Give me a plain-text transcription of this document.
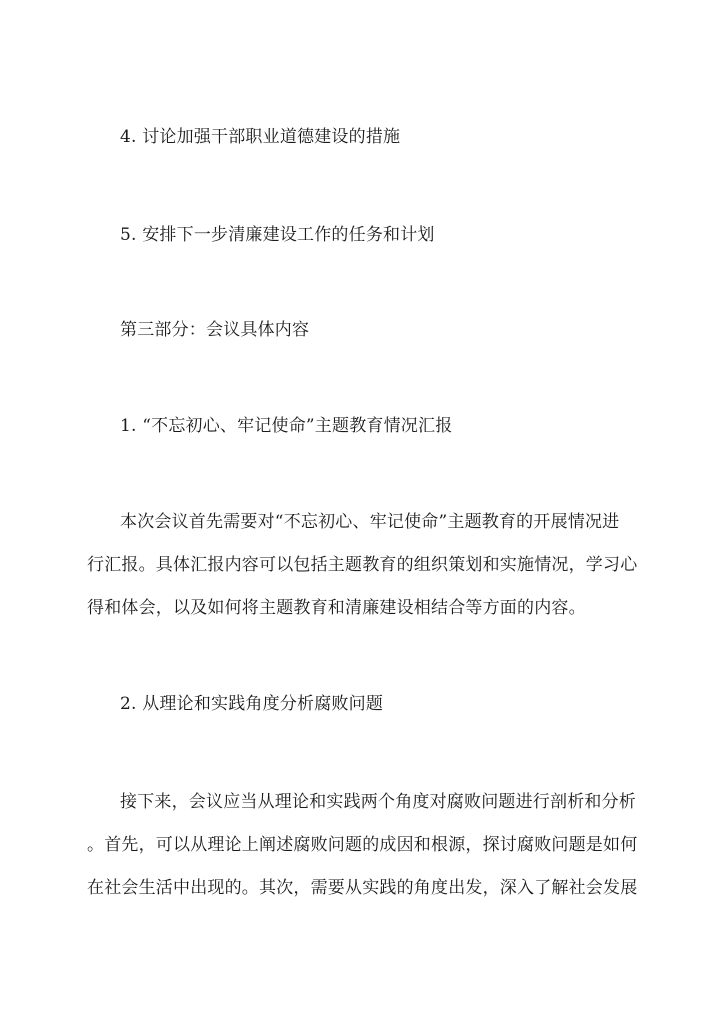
4. 讨论加强干部职业道德建设的措施
5. 安排下一步清廉建设工作的任务和计划
第三部分：会议具体内容
1. “不忘初心、牢记使命”主题教育情况汇报
本次会议首先需要对“不忘初心、牢记使命”主题教育的开展情况进
行汇报。具体汇报内容可以包括主题教育的组织策划和实施情况，学习心
得和体会，以及如何将主题教育和清廉建设相结合等方面的内容。
2. 从理论和实践角度分析腐败问题
接下来，会议应当从理论和实践两个角度对腐败问题进行剖析和分析
。首先，可以从理论上阐述腐败问题的成因和根源，探讨腐败问题是如何
在社会生活中出现的。其次，需要从实践的角度出发，深入了解社会发展
